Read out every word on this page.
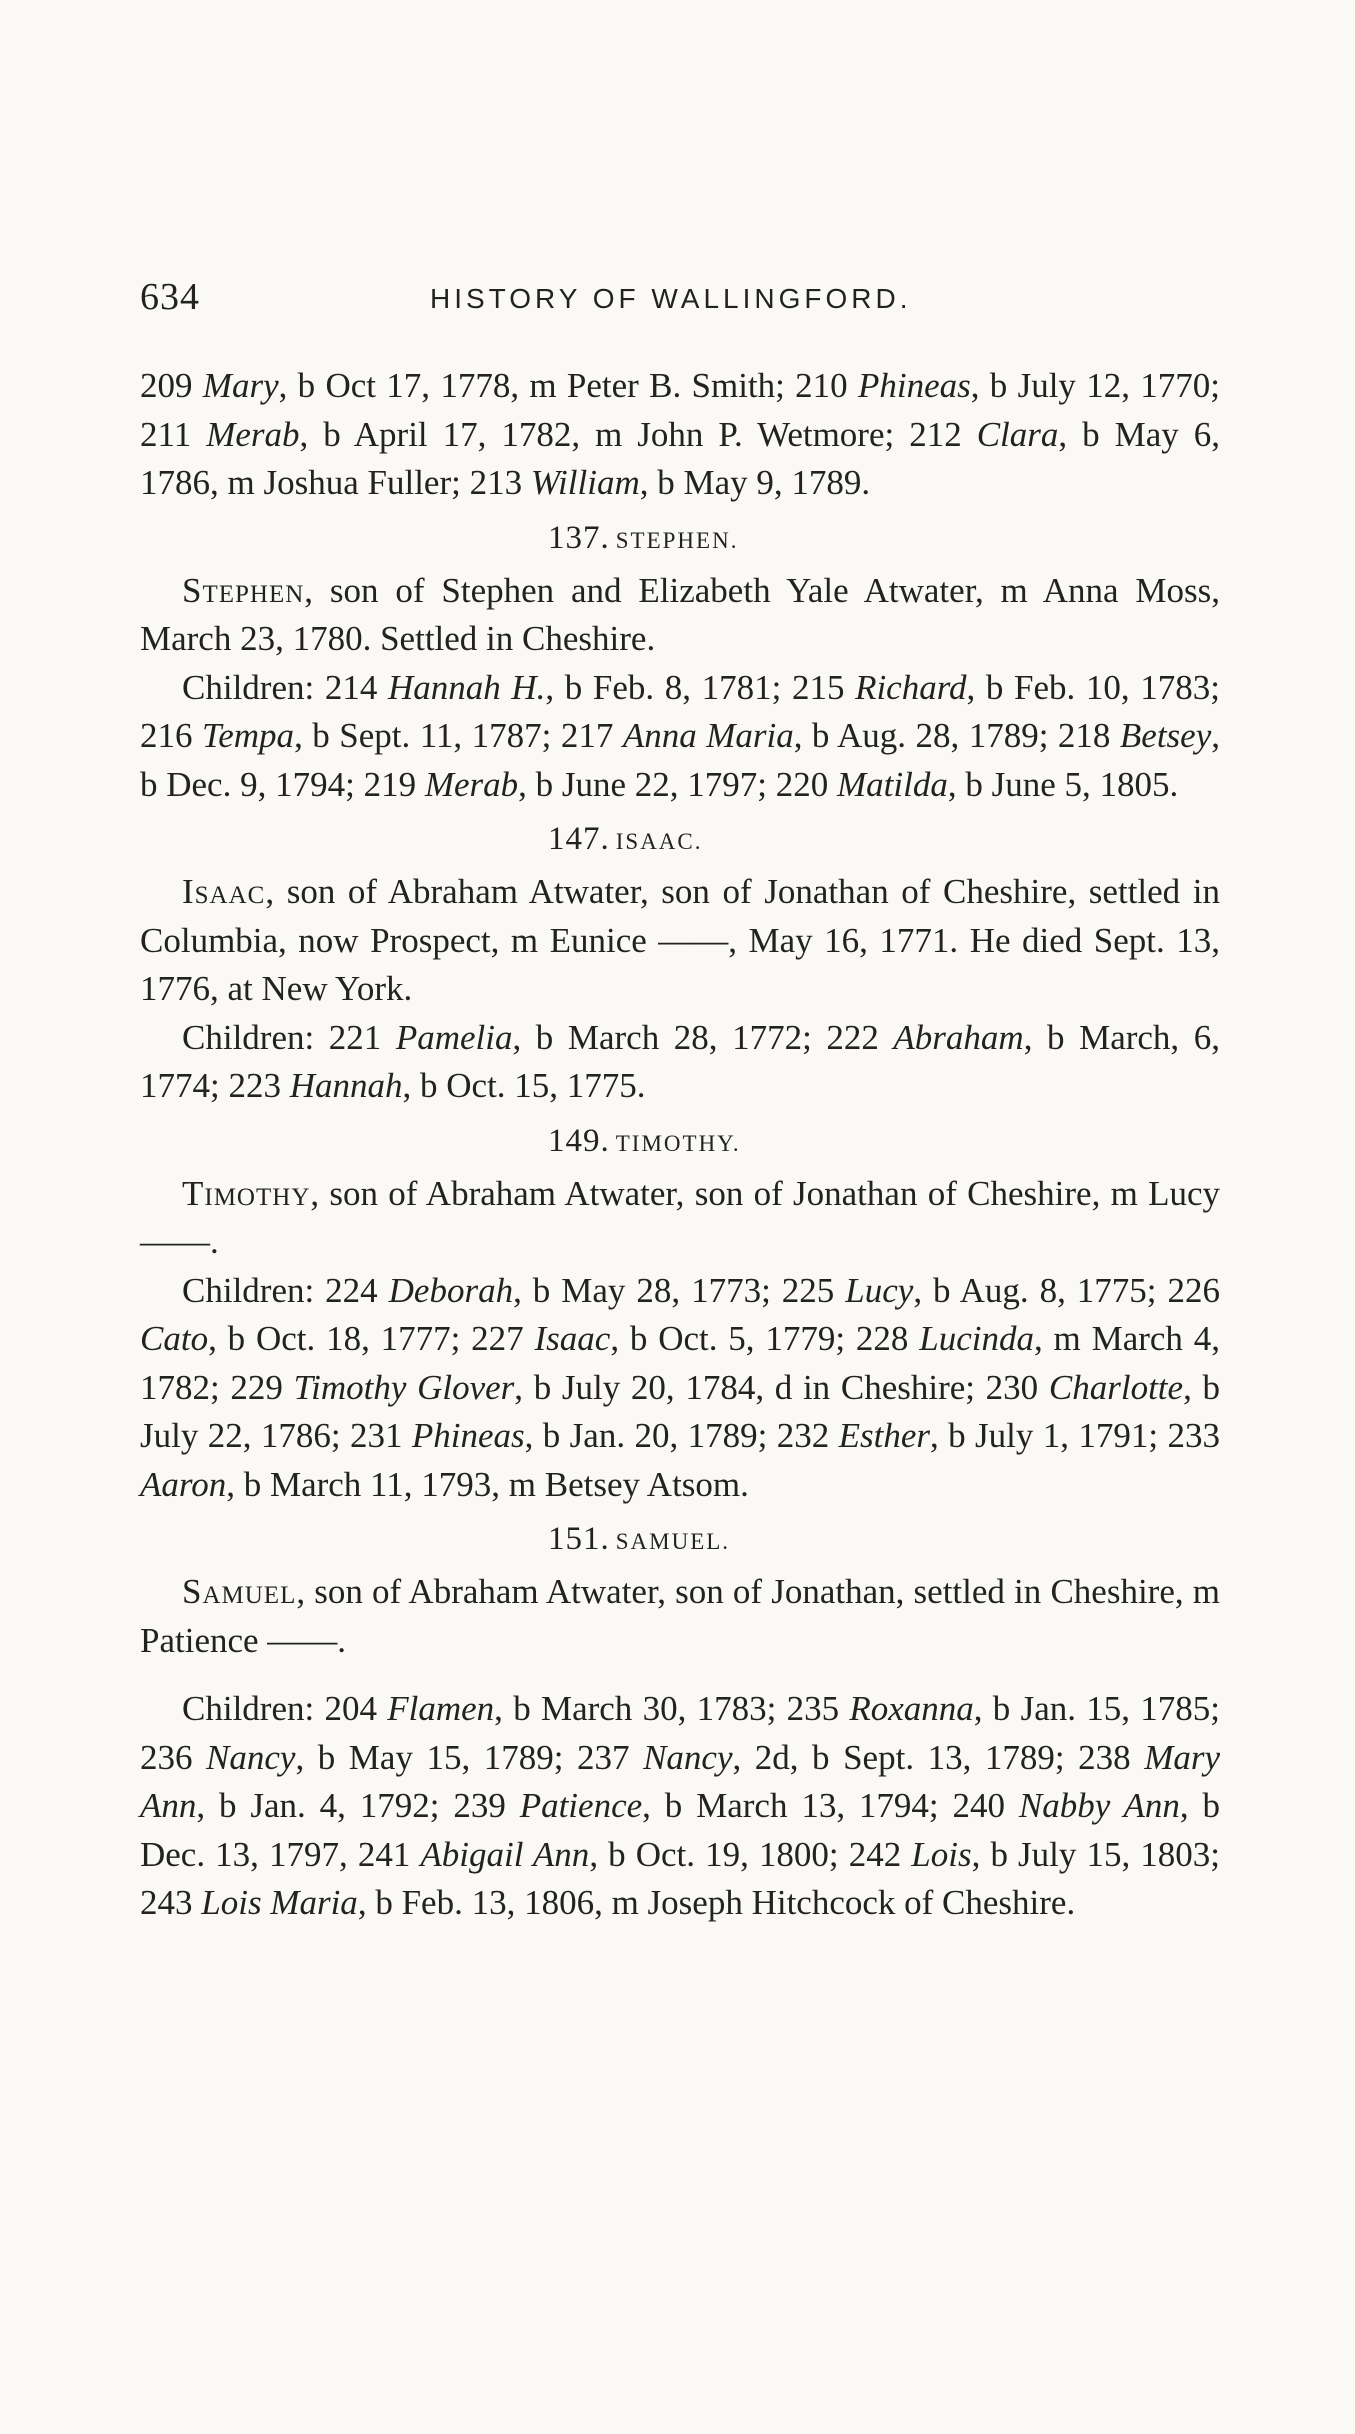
634	HISTORY OF WALLINGFORD.

209 Mary, b Oct 17, 1778, m Peter B. Smith; 210 Phineas, b July 12, 1770; 211 Merab, b April 17, 1782, m John P. Wetmore; 212 Clara, b May 6, 1786, m Joshua Fuller; 213 William, b May 9, 1789.

137. STEPHEN.

Stephen, son of Stephen and Elizabeth Yale Atwater, m Anna Moss, March 23, 1780. Settled in Cheshire.

Children: 214 Hannah H., b Feb. 8, 1781; 215 Richard, b Feb. 10, 1783; 216 Tempa, b Sept. 11, 1787; 217 Anna Maria, b Aug. 28, 1789; 218 Betsey, b Dec. 9, 1794; 219 Merab, b June 22, 1797; 220 Matilda, b June 5, 1805.

147. ISAAC.

Isaac, son of Abraham Atwater, son of Jonathan of Cheshire, settled in Columbia, now Prospect, m Eunice ——, May 16, 1771. He died Sept. 13, 1776, at New York.

Children: 221 Pamelia, b March 28, 1772; 222 Abraham, b March, 6, 1774; 223 Hannah, b Oct. 15, 1775.

149. TIMOTHY.

Timothy, son of Abraham Atwater, son of Jonathan of Cheshire, m Lucy ——.

Children: 224 Deborah, b May 28, 1773; 225 Lucy, b Aug. 8, 1775; 226 Cato, b Oct. 18, 1777; 227 Isaac, b Oct. 5, 1779; 228 Lucinda, m March 4, 1782; 229 Timothy Glover, b July 20, 1784, d in Cheshire; 230 Charlotte, b July 22, 1786; 231 Phineas, b Jan. 20, 1789; 232 Esther, b July 1, 1791; 233 Aaron, b March 11, 1793, m Betsey Atsom.

151. SAMUEL.

Samuel, son of Abraham Atwater, son of Jonathan, settled in Cheshire, m Patience ——.

Children: 204 Flamen, b March 30, 1783; 235 Roxanna, b Jan. 15, 1785; 236 Nancy, b May 15, 1789; 237 Nancy, 2d, b Sept. 13, 1789; 238 Mary Ann, b Jan. 4, 1792; 239 Patience, b March 13, 1794; 240 Nabby Ann, b Dec. 13, 1797, 241 Abigail Ann, b Oct. 19, 1800; 242 Lois, b July 15, 1803; 243 Lois Maria, b Feb. 13, 1806, m Joseph Hitchcock of Cheshire.
